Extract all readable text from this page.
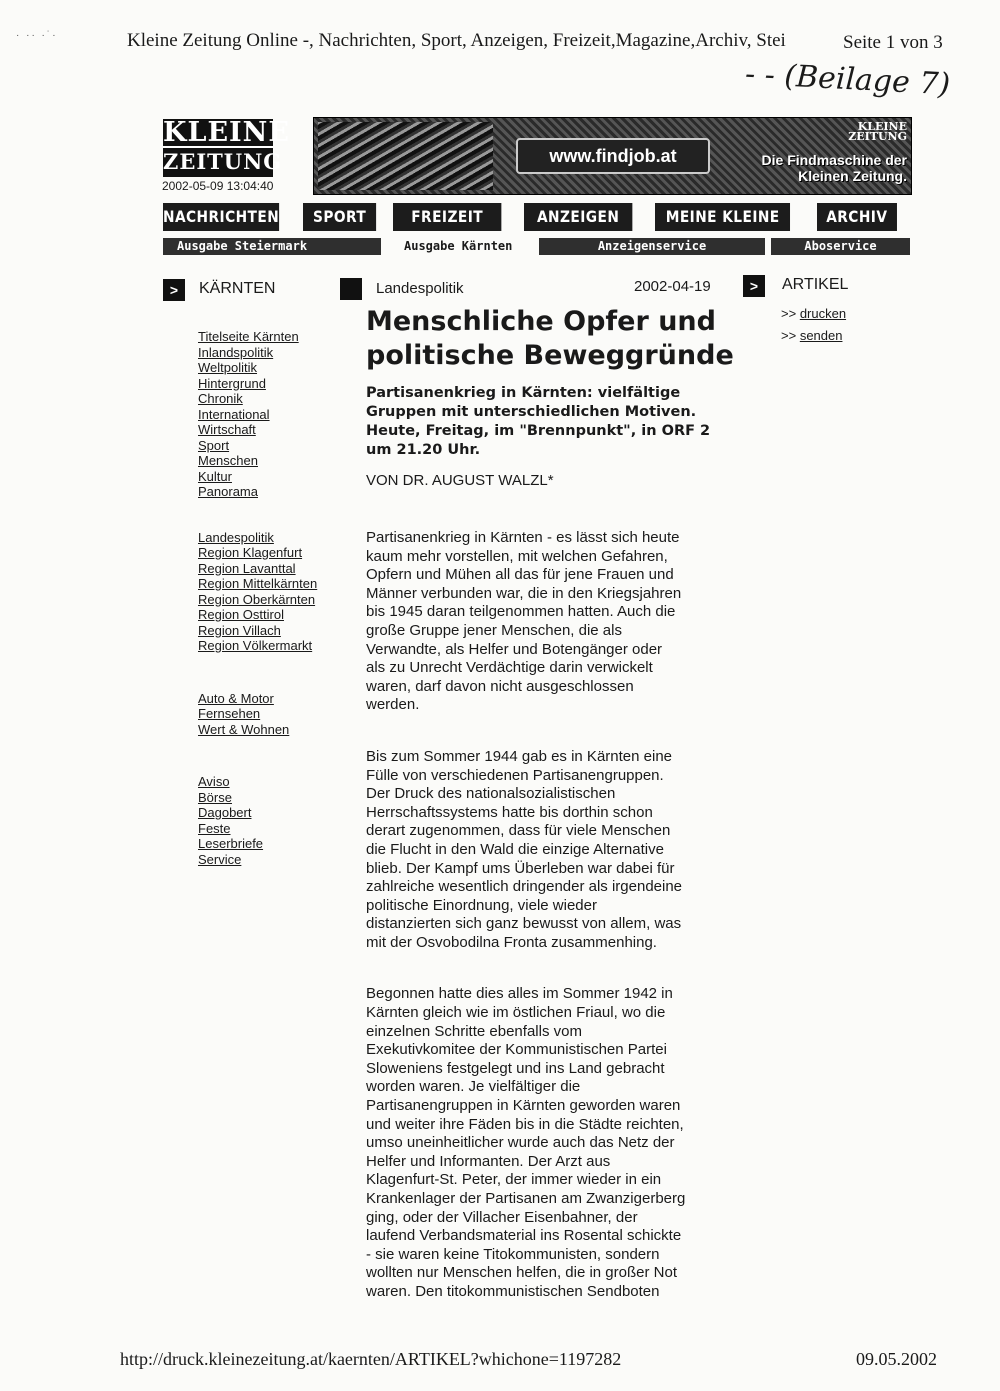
· ·· ·˙·	Kleine Zeitung Online -, Nachrichten, Sport, Anzeigen, Freizeit,Magazine,Archiv, Stei	Seite 1 von 3
- - (Beilage 7)
KLEINE
ZEITUNG
2002-05-09 13:04:40
www.findjob.at
KLEINE
ZEITUNG
Die Findmaschine der
Kleinen Zeitung.
NACHRICHTEN	SPORT	FREIZEIT	ANZEIGEN	MEINE KLEINE	ARCHIV
Ausgabe Steiermark	Ausgabe Kärnten	Anzeigenservice	Aboservice
>	KÄRNTEN	Landespolitik	2002-04-19	>	ARTIKEL
Titelseite Kärnten
Inlandspolitik
Weltpolitik
Hintergrund
Chronik
International
Wirtschaft
Sport
Menschen
Kultur
Panorama
Landespolitik
Region Klagenfurt
Region Lavanttal
Region Mittelkärnten
Region Oberkärnten
Region Osttirol
Region Villach
Region Völkermarkt
Auto & Motor
Fernsehen
Wert & Wohnen
Aviso
Börse
Dagobert
Feste
Leserbriefe
Service
>> drucken
>> senden
Menschliche Opfer und politische Beweggründe
Partisanenkrieg in Kärnten: vielfältige Gruppen mit unterschiedlichen Motiven. Heute, Freitag, im "Brennpunkt", in ORF 2 um 21.20 Uhr.
VON DR. AUGUST WALZL*
Partisanenkrieg in Kärnten - es lässt sich heute
kaum mehr vorstellen, mit welchen Gefahren,
Opfern und Mühen all das für jene Frauen und
Männer verbunden war, die in den Kriegsjahren
bis 1945 daran teilgenommen hatten. Auch die
große Gruppe jener Menschen, die als
Verwandte, als Helfer und Botengänger oder
als zu Unrecht Verdächtige darin verwickelt
waren, darf davon nicht ausgeschlossen
werden.
Bis zum Sommer 1944 gab es in Kärnten eine
Fülle von verschiedenen Partisanengruppen.
Der Druck des nationalsozialistischen
Herrschaftssystems hatte bis dorthin schon
derart zugenommen, dass für viele Menschen
die Flucht in den Wald die einzige Alternative
blieb. Der Kampf ums Überleben war dabei für
zahlreiche wesentlich dringender als irgendeine
politische Einordnung, viele wieder
distanzierten sich ganz bewusst von allem, was
mit der Osvobodilna Fronta zusammenhing.
Begonnen hatte dies alles im Sommer 1942 in
Kärnten gleich wie im östlichen Friaul, wo die
einzelnen Schritte ebenfalls vom
Exekutivkomitee der Kommunistischen Partei
Sloweniens festgelegt und ins Land gebracht
worden waren. Je vielfältiger die
Partisanengruppen in Kärnten geworden waren
und weiter ihre Fäden bis in die Städte reichten,
umso uneinheitlicher wurde auch das Netz der
Helfer und Informanten. Der Arzt aus
Klagenfurt-St. Peter, der immer wieder in ein
Krankenlager der Partisanen am Zwanzigerberg
ging, oder der Villacher Eisenbahner, der
laufend Verbandsmaterial ins Rosental schickte
- sie waren keine Titokommunisten, sondern
wollten nur Menschen helfen, die in großer Not
waren. Den titokommunistischen Sendboten
http://druck.kleinezeitung.at/kaernten/ARTIKEL?whichone=1197282	09.05.2002
